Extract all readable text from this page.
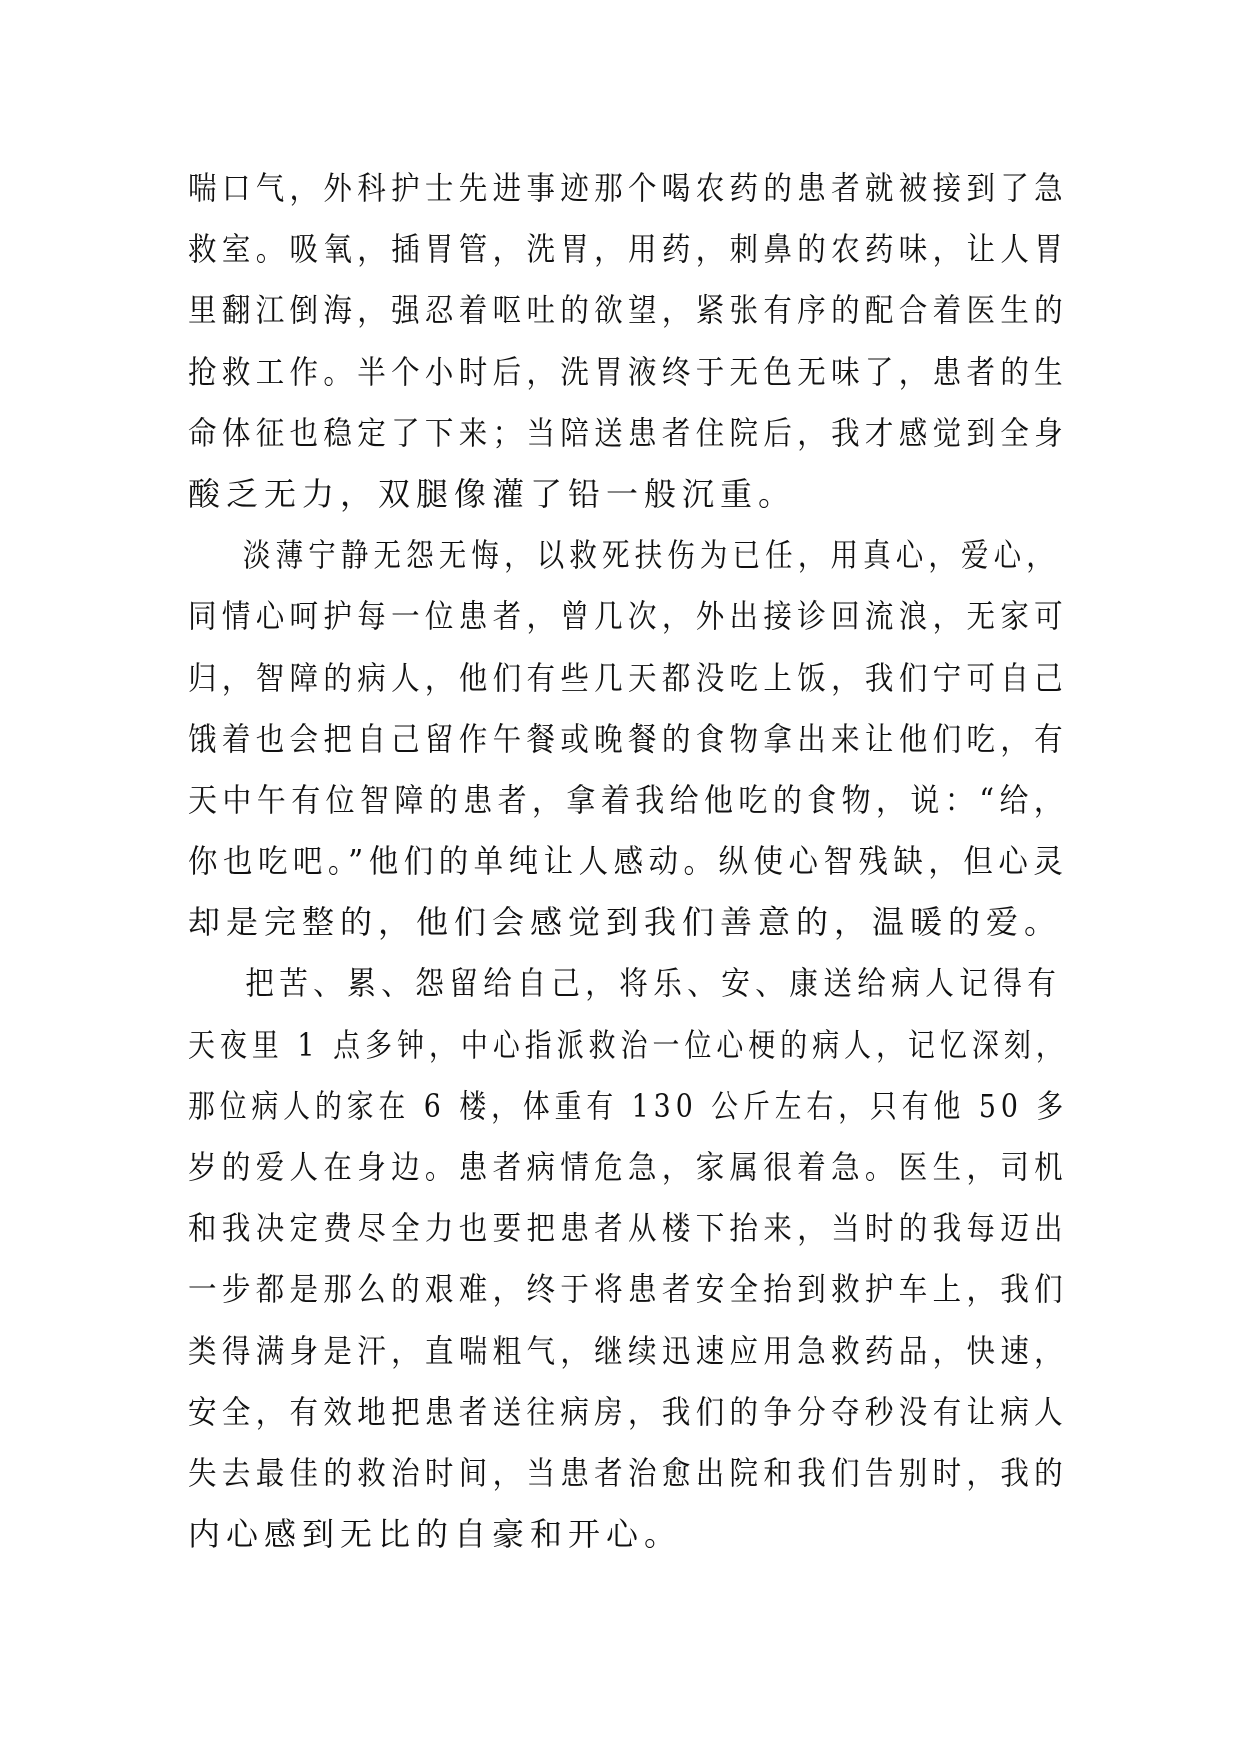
喘口气，外科护士先进事迹那个喝农药的患者就被接到了急
救室。吸氧，插胃管，洗胃，用药，刺鼻的农药味，让人胃
里翻江倒海，强忍着呕吐的欲望，紧张有序的配合着医生的
抢救工作。半个小时后，洗胃液终于无色无味了，患者的生
命体征也稳定了下来；当陪送患者住院后，我才感觉到全身
酸乏无力，双腿像灌了铅一般沉重。
淡薄宁静无怨无悔，以救死扶伤为已任，用真心，爱心，
同情心呵护每一位患者，曾几次，外出接诊回流浪，无家可
归，智障的病人，他们有些几天都没吃上饭，我们宁可自己
饿着也会把自己留作午餐或晚餐的食物拿出来让他们吃，有
天中午有位智障的患者，拿着我给他吃的食物，说：“给，
你也吃吧。”他们的单纯让人感动。纵使心智残缺，但心灵
却是完整的，他们会感觉到我们善意的，温暖的爱。
把苦、累、怨留给自己，将乐、安、康送给病人记得有
天夜里 1 点多钟，中心指派救治一位心梗的病人，记忆深刻，
那位病人的家在 6 楼，体重有 130 公斤左右，只有他 50 多
岁的爱人在身边。患者病情危急，家属很着急。医生，司机
和我决定费尽全力也要把患者从楼下抬来，当时的我每迈出
一步都是那么的艰难，终于将患者安全抬到救护车上，我们
类得满身是汗，直喘粗气，继续迅速应用急救药品，快速，
安全，有效地把患者送往病房，我们的争分夺秒没有让病人
失去最佳的救治时间，当患者治愈出院和我们告别时，我的
内心感到无比的自豪和开心。
